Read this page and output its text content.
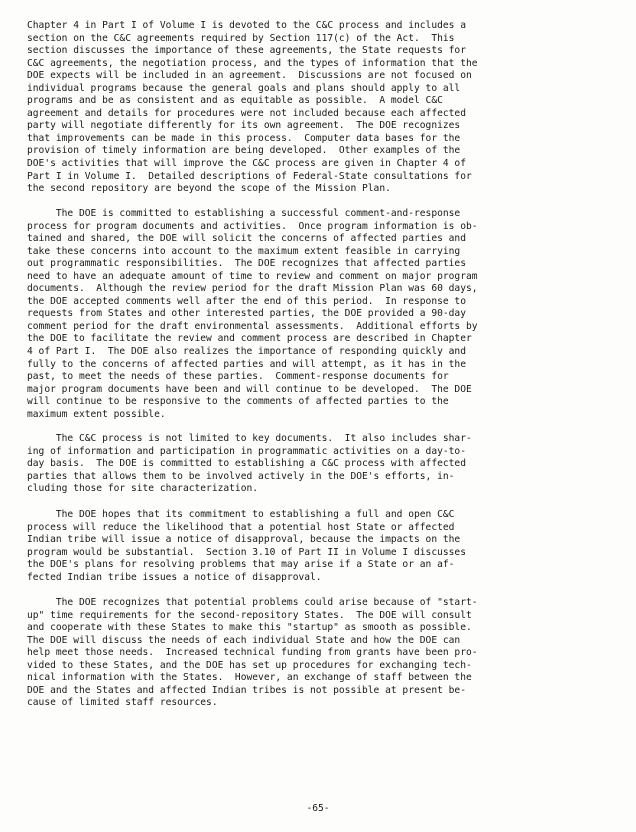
Chapter 4 in Part I of Volume I is devoted to the C&C process and includes a
section on the C&C agreements required by Section 117(c) of the Act.  This
section discusses the importance of these agreements, the State requests for
C&C agreements, the negotiation process, and the types of information that the
DOE expects will be included in an agreement.  Discussions are not focused on
individual programs because the general goals and plans should apply to all
programs and be as consistent and as equitable as possible.  A model C&C
agreement and details for procedures were not included because each affected
party will negotiate differently for its own agreement.  The DOE recognizes
that improvements can be made in this process.  Computer data bases for the
provision of timely information are being developed.  Other examples of the
DOE's activities that will improve the C&C process are given in Chapter 4 of
Part I in Volume I.  Detailed descriptions of Federal-State consultations for
the second repository are beyond the scope of the Mission Plan.
The DOE is committed to establishing a successful comment-and-response
process for program documents and activities.  Once program information is ob-
tained and shared, the DOE will solicit the concerns of affected parties and
take these concerns into account to the maximum extent feasible in carrying
out programmatic responsibilities.  The DOE recognizes that affected parties
need to have an adequate amount of time to review and comment on major program
documents.  Although the review period for the draft Mission Plan was 60 days,
the DOE accepted comments well after the end of this period.  In response to
requests from States and other interested parties, the DOE provided a 90-day
comment period for the draft environmental assessments.  Additional efforts by
the DOE to facilitate the review and comment process are described in Chapter
4 of Part I.  The DOE also realizes the importance of responding quickly and
fully to the concerns of affected parties and will attempt, as it has in the
past, to meet the needs of these parties.  Comment-response documents for
major program documents have been and will continue to be developed.  The DOE
will continue to be responsive to the comments of affected parties to the
maximum extent possible.
The C&C process is not limited to key documents.  It also includes shar-
ing of information and participation in programmatic activities on a day-to-
day basis.  The DOE is committed to establishing a C&C process with affected
parties that allows them to be involved actively in the DOE's efforts, in-
cluding those for site characterization.
The DOE hopes that its commitment to establishing a full and open C&C
process will reduce the likelihood that a potential host State or affected
Indian tribe will issue a notice of disapproval, because the impacts on the
program would be substantial.  Section 3.10 of Part II in Volume I discusses
the DOE's plans for resolving problems that may arise if a State or an af-
fected Indian tribe issues a notice of disapproval.
The DOE recognizes that potential problems could arise because of "start-
up" time requirements for the second-repository States.  The DOE will consult
and cooperate with these States to make this "startup" as smooth as possible.
The DOE will discuss the needs of each individual State and how the DOE can
help meet those needs.  Increased technical funding from grants have been pro-
vided to these States, and the DOE has set up procedures for exchanging tech-
nical information with the States.  However, an exchange of staff between the
DOE and the States and affected Indian tribes is not possible at present be-
cause of limited staff resources.
-65-
